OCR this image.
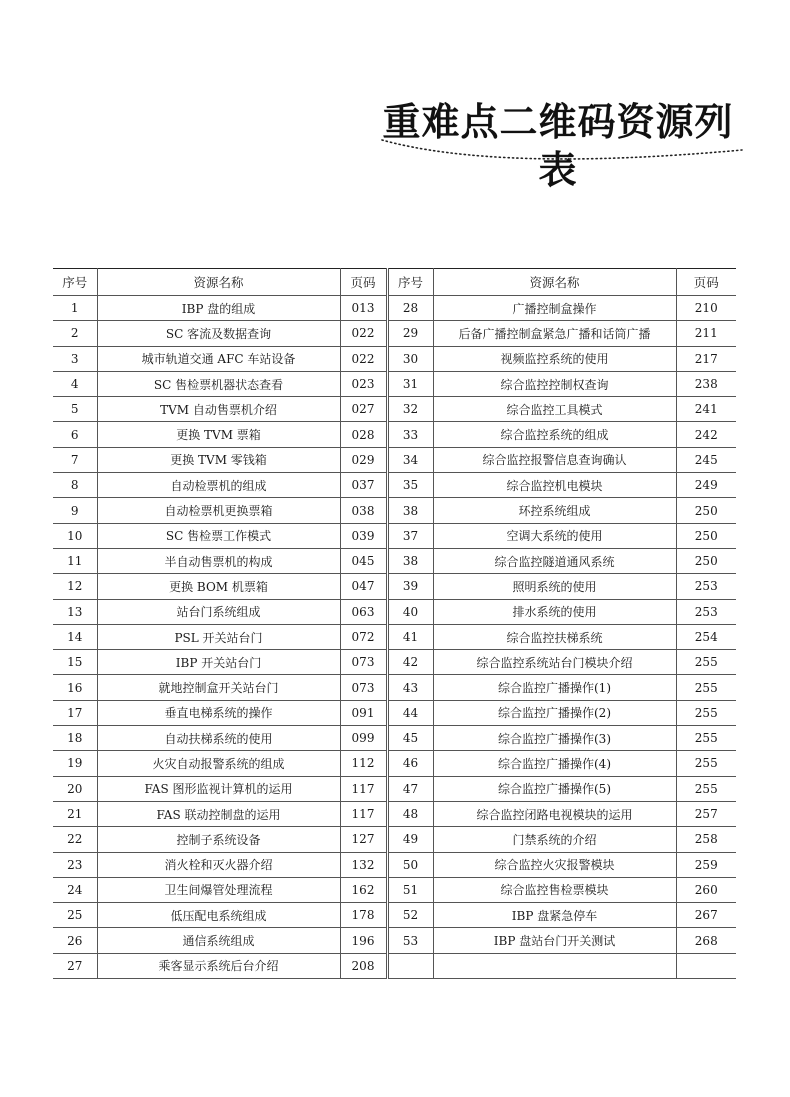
重难点二维码资源列表
序号	资源名称	页码	序号	资源名称	页码
1	IBP 盘的组成	013	28	广播控制盒操作	210
2	SC 客流及数据查询	022	29	后备广播控制盒紧急广播和话筒广播	211
3	城市轨道交通 AFC 车站设备	022	30	视频监控系统的使用	217
4	SC 售检票机器状态查看	023	31	综合监控控制权查询	238
5	TVM 自动售票机介绍	027	32	综合监控工具模式	241
6	更换 TVM 票箱	028	33	综合监控系统的组成	242
7	更换 TVM 零钱箱	029	34	综合监控报警信息查询确认	245
8	自动检票机的组成	037	35	综合监控机电模块	249
9	自动检票机更换票箱	038	38	环控系统组成	250
10	SC 售检票工作模式	039	37	空调大系统的使用	250
11	半自动售票机的构成	045	38	综合监控隧道通风系统	250
12	更换 BOM 机票箱	047	39	照明系统的使用	253
13	站台门系统组成	063	40	排水系统的使用	253
14	PSL 开关站台门	072	41	综合监控扶梯系统	254
15	IBP 开关站台门	073	42	综合监控系统站台门模块介绍	255
16	就地控制盒开关站台门	073	43	综合监控广播操作(1)	255
17	垂直电梯系统的操作	091	44	综合监控广播操作(2)	255
18	自动扶梯系统的使用	099	45	综合监控广播操作(3)	255
19	火灾自动报警系统的组成	112	46	综合监控广播操作(4)	255
20	FAS 图形监视计算机的运用	117	47	综合监控广播操作(5)	255
21	FAS 联动控制盘的运用	117	48	综合监控闭路电视模块的运用	257
22	控制子系统设备	127	49	门禁系统的介绍	258
23	消火栓和灭火器介绍	132	50	综合监控火灾报警模块	259
24	卫生间爆管处理流程	162	51	综合监控售检票模块	260
25	低压配电系统组成	178	52	IBP 盘紧急停车	267
26	通信系统组成	196	53	IBP 盘站台门开关测试	268
27	乘客显示系统后台介绍	208			
